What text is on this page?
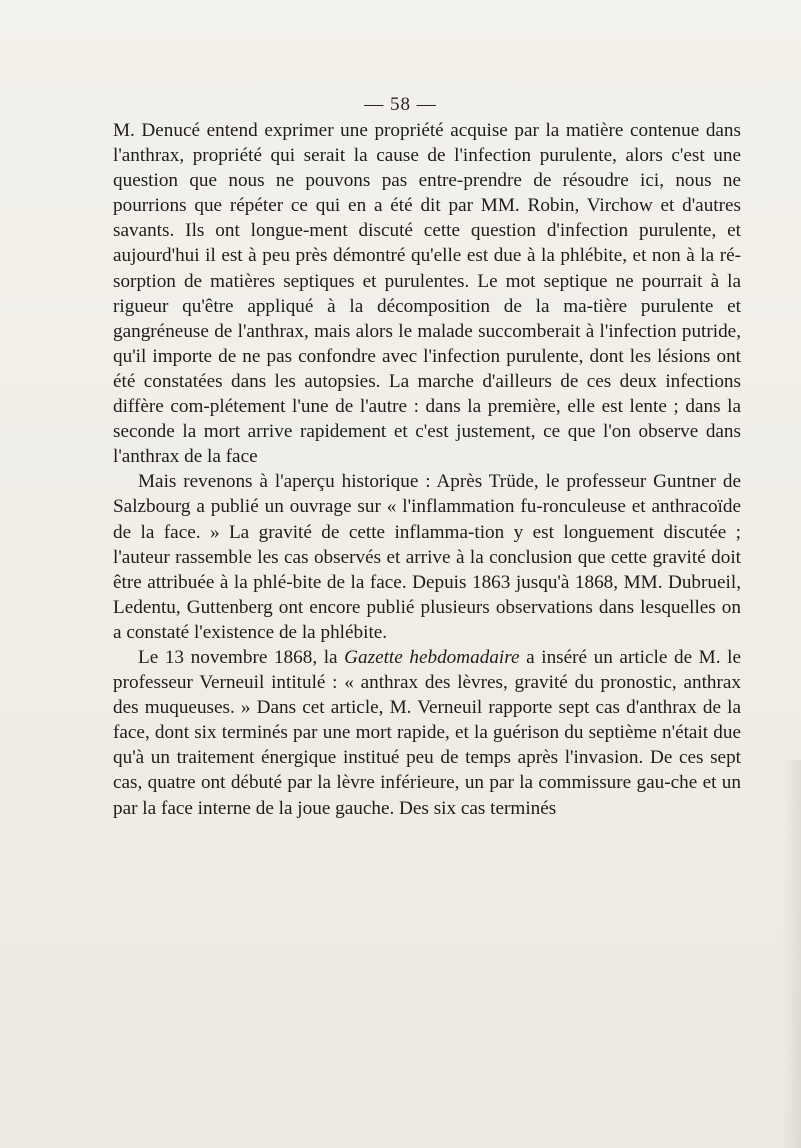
— 58 —

M. Denucé entend exprimer une propriété acquise par la matière contenue dans l'anthrax, propriété qui serait la cause de l'infection purulente, alors c'est une question que nous ne pouvons pas entre-prendre de résoudre ici, nous ne pourrions que répéter ce qui en a été dit par MM. Robin, Virchow et d'autres savants. Ils ont longue-ment discuté cette question d'infection purulente, et aujourd'hui il est à peu près démontré qu'elle est due à la phlébite, et non à la ré-sorption de matières septiques et purulentes. Le mot septique ne pourrait à la rigueur qu'être appliqué à la décomposition de la ma-tière purulente et gangréneuse de l'anthrax, mais alors le malade succomberait à l'infection putride, qu'il importe de ne pas confondre avec l'infection purulente, dont les lésions ont été constatées dans les autopsies. La marche d'ailleurs de ces deux infections diffère com-plétement l'une de l'autre : dans la première, elle est lente ; dans la seconde la mort arrive rapidement et c'est justement, ce que l'on observe dans l'anthrax de la face

Mais revenons à l'aperçu historique : Après Trüde, le professeur Guntner de Salzbourg a publié un ouvrage sur « l'inflammation fu-ronculeuse et anthracoïde de la face. » La gravité de cette inflamma-tion y est longuement discutée ; l'auteur rassemble les cas observés et arrive à la conclusion que cette gravité doit être attribuée à la phlé-bite de la face. Depuis 1863 jusqu'à 1868, MM. Dubrueil, Ledentu, Guttenberg ont encore publié plusieurs observations dans lesquelles on a constaté l'existence de la phlébite.

Le 13 novembre 1868, la Gazette hebdomadaire a inséré un article de M. le professeur Verneuil intitulé : « anthrax des lèvres, gravité du pronostic, anthrax des muqueuses. » Dans cet article, M. Verneuil rapporte sept cas d'anthrax de la face, dont six terminés par une mort rapide, et la guérison du septième n'était due qu'à un traitement énergique institué peu de temps après l'invasion. De ces sept cas, quatre ont débuté par la lèvre inférieure, un par la commissure gau-che et un par la face interne de la joue gauche. Des six cas terminés
